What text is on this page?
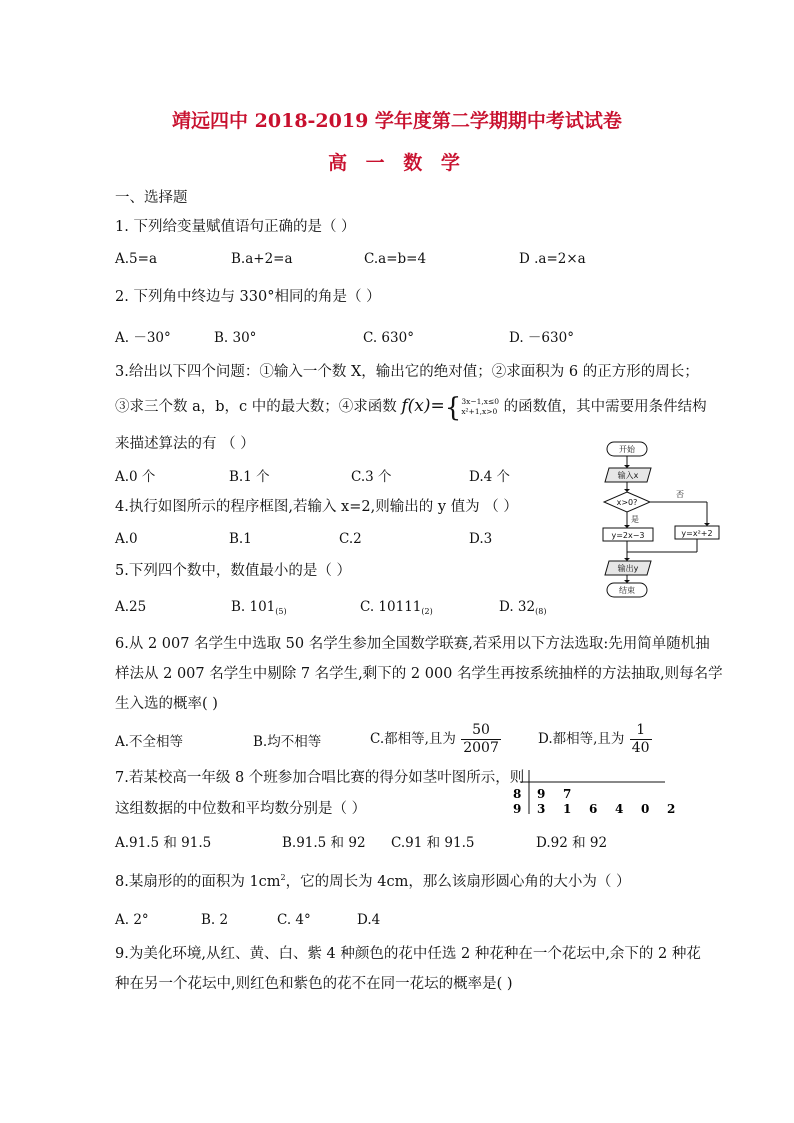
靖远四中 2018-2019 学年度第二学期期中考试试卷
高 一 数 学
一、选择题
1. 下列给变量赋值语句正确的是（ ）
A.5=a	B.a+2=a	C.a=b=4	D .a=2×a
2. 下列角中终边与 330°相同的角是（ ）
A. －30°	B. 30°	C. 630°	D. －630°
3.给出以下四个问题：①输入一个数 X，输出它的绝对值；②求面积为 6 的正方形的周长；
③求三个数 a，b，c 中的最大数；④求函数 f(x)={ 3x−1,x≤0
x²+1,x>0 的函数值，其中需要用条件结构
来描述算法的有 （ ）
A.0 个	B.1 个	C.3 个	D.4 个
4.执行如图所示的程序框图,若输入 x=2,则输出的 y 值为 （ ）
A.0	B.1	C.2	D.3
开始
输入x
x>0?
否
是
y=2x−3	y=x²+2
输出y
结束
5.下列四个数中，数值最小的是（ ）
A.25	B. $101_{(5)}$	C. $10111_{(2)}$	D. $32_{(8)}$
6.从 2 007 名学生中选取 50 名学生参加全国数学联赛,若采用以下方法选取:先用简单随机抽
样法从 2 007 名学生中剔除 7 名学生,剩下的 2 000 名学生再按系统抽样的方法抽取,则每名学
生入选的概率( )
A.不全相等	B.均不相等	C.都相等,且为 $\frac{50}{2007}$	D.都相等,且为 $\frac{1}{40}$
7.若某校高一年级 8 个班参加合唱比赛的得分如茎叶图所示，则
这组数据的中位数和平均数分别是（ ）
8 9 7
9 3 1 6 4 0 2
A.91.5 和 91.5	B.91.5 和 92 C.91 和 91.5	D.92 和 92
8.某扇形的的面积为 $1cm^2$，它的周长为 4cm，那么该扇形圆心角的大小为（ ）
A. 2°	B. 2	C. 4°	D.4
9.为美化环境,从红、黄、白、紫 4 种颜色的花中任选 2 种花种在一个花坛中,余下的 2 种花
种在另一个花坛中,则红色和紫色的花不在同一花坛的概率是( )
